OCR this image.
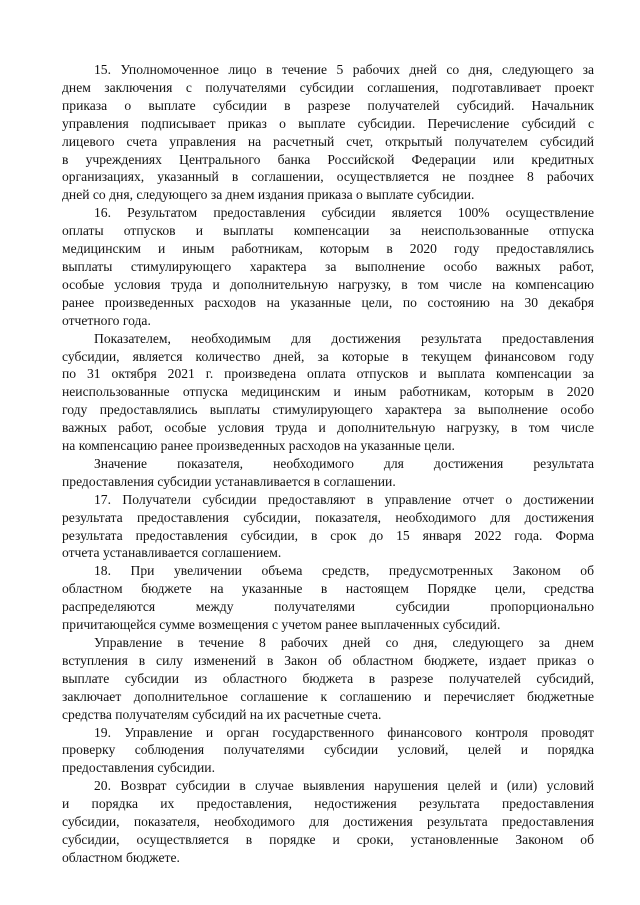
15. Уполномоченное лицо в течение 5 рабочих дней со дня, следующего за
днем заключения с получателями субсидии соглашения, подготавливает проект
приказа о выплате субсидии в разрезе получателей субсидий. Начальник
управления подписывает приказ о выплате субсидии. Перечисление субсидий с
лицевого счета управления на расчетный счет, открытый получателем субсидий
в учреждениях Центрального банка Российской Федерации или кредитных
организациях, указанный в соглашении, осуществляется не позднее 8 рабочих
дней со дня, следующего за днем издания приказа о выплате субсидии.
16. Результатом предоставления субсидии является 100% осуществление
оплаты отпусков и выплаты компенсации за неиспользованные отпуска
медицинским и иным работникам, которым в 2020 году предоставлялись
выплаты стимулирующего характера за выполнение особо важных работ,
особые условия труда и дополнительную нагрузку, в том числе на компенсацию
ранее произведенных расходов на указанные цели, по состоянию на 30 декабря
отчетного года.
Показателем, необходимым для достижения результата предоставления
субсидии, является количество дней, за которые в текущем финансовом году
по 31 октября 2021 г. произведена оплата отпусков и выплата компенсации за
неиспользованные отпуска медицинским и иным работникам, которым в 2020
году предоставлялись выплаты стимулирующего характера за выполнение особо
важных работ, особые условия труда и дополнительную нагрузку, в том числе
на компенсацию ранее произведенных расходов на указанные цели.
Значение показателя, необходимого для достижения результата
предоставления субсидии устанавливается в соглашении.
17. Получатели субсидии предоставляют в управление отчет о достижении
результата предоставления субсидии, показателя, необходимого для достижения
результата предоставления субсидии, в срок до 15 января 2022 года. Форма
отчета устанавливается соглашением.
18. При увеличении объема средств, предусмотренных Законом об
областном бюджете на указанные в настоящем Порядке цели, средства
распределяются между получателями субсидии пропорционально
причитающейся сумме возмещения с учетом ранее выплаченных субсидий.
Управление в течение 8 рабочих дней со дня, следующего за днем
вступления в силу изменений в Закон об областном бюджете, издает приказ о
выплате субсидии из областного бюджета в разрезе получателей субсидий,
заключает дополнительное соглашение к соглашению и перечисляет бюджетные
средства получателям субсидий на их расчетные счета.
19. Управление и орган государственного финансового контроля проводят
проверку соблюдения получателями субсидии условий, целей и порядка
предоставления субсидии.
20. Возврат субсидии в случае выявления нарушения целей и (или) условий
и порядка их предоставления, недостижения результата предоставления
субсидии, показателя, необходимого для достижения результата предоставления
субсидии, осуществляется в порядке и сроки, установленные Законом об
областном бюджете.
